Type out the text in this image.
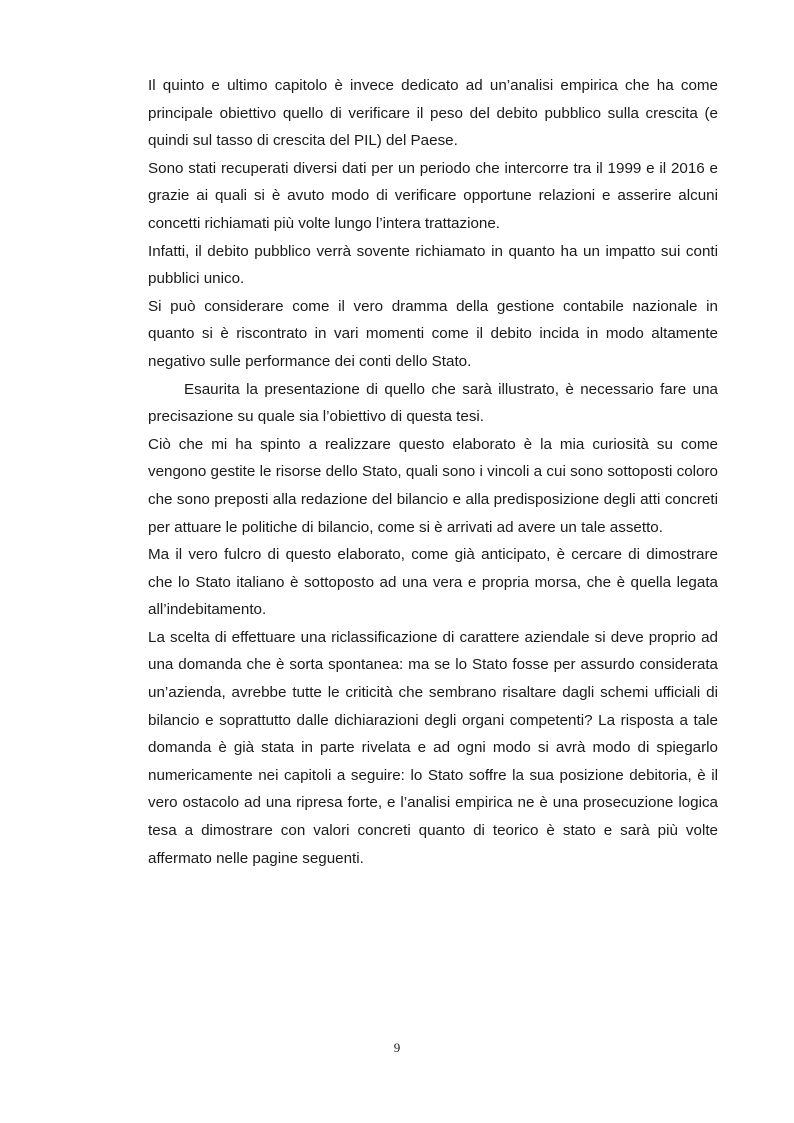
Il quinto e ultimo capitolo è invece dedicato ad un’analisi empirica che ha come principale obiettivo quello di verificare il peso del debito pubblico sulla crescita (e quindi sul tasso di crescita del PIL) del Paese.

Sono stati recuperati diversi dati per un periodo che intercorre tra il 1999 e il 2016 e grazie ai quali si è avuto modo di verificare opportune relazioni e asserire alcuni concetti richiamati più volte lungo l’intera trattazione.

Infatti, il debito pubblico verrà sovente richiamato in quanto ha un impatto sui conti pubblici unico.

Si può considerare come il vero dramma della gestione contabile nazionale in quanto si è riscontrato in vari momenti come il debito incida in modo altamente negativo sulle performance dei conti dello Stato.

Esaurita la presentazione di quello che sarà illustrato, è necessario fare una precisazione su quale sia l’obiettivo di questa tesi.

Ciò che mi ha spinto a realizzare questo elaborato è la mia curiosità su come vengono gestite le risorse dello Stato, quali sono i vincoli a cui sono sottoposti coloro che sono preposti alla redazione del bilancio e alla predisposizione degli atti concreti per attuare le politiche di bilancio, come si è arrivati ad avere un tale assetto.

Ma il vero fulcro di questo elaborato, come già anticipato, è cercare di dimostrare che lo Stato italiano è sottoposto ad una vera e propria morsa, che è quella legata all’indebitamento.

La scelta di effettuare una riclassificazione di carattere aziendale si deve proprio ad una domanda che è sorta spontanea: ma se lo Stato fosse per assurdo considerata un’azienda, avrebbe tutte le criticità che sembrano risaltare dagli schemi ufficiali di bilancio e soprattutto dalle dichiarazioni degli organi competenti? La risposta a tale domanda è già stata in parte rivelata e ad ogni modo si avrà modo di spiegarlo numericamente nei capitoli a seguire: lo Stato soffre la sua posizione debitoria, è il vero ostacolo ad una ripresa forte, e l’analisi empirica ne è una prosecuzione logica tesa a dimostrare con valori concreti quanto di teorico è stato e sarà più volte affermato nelle pagine seguenti.

9
